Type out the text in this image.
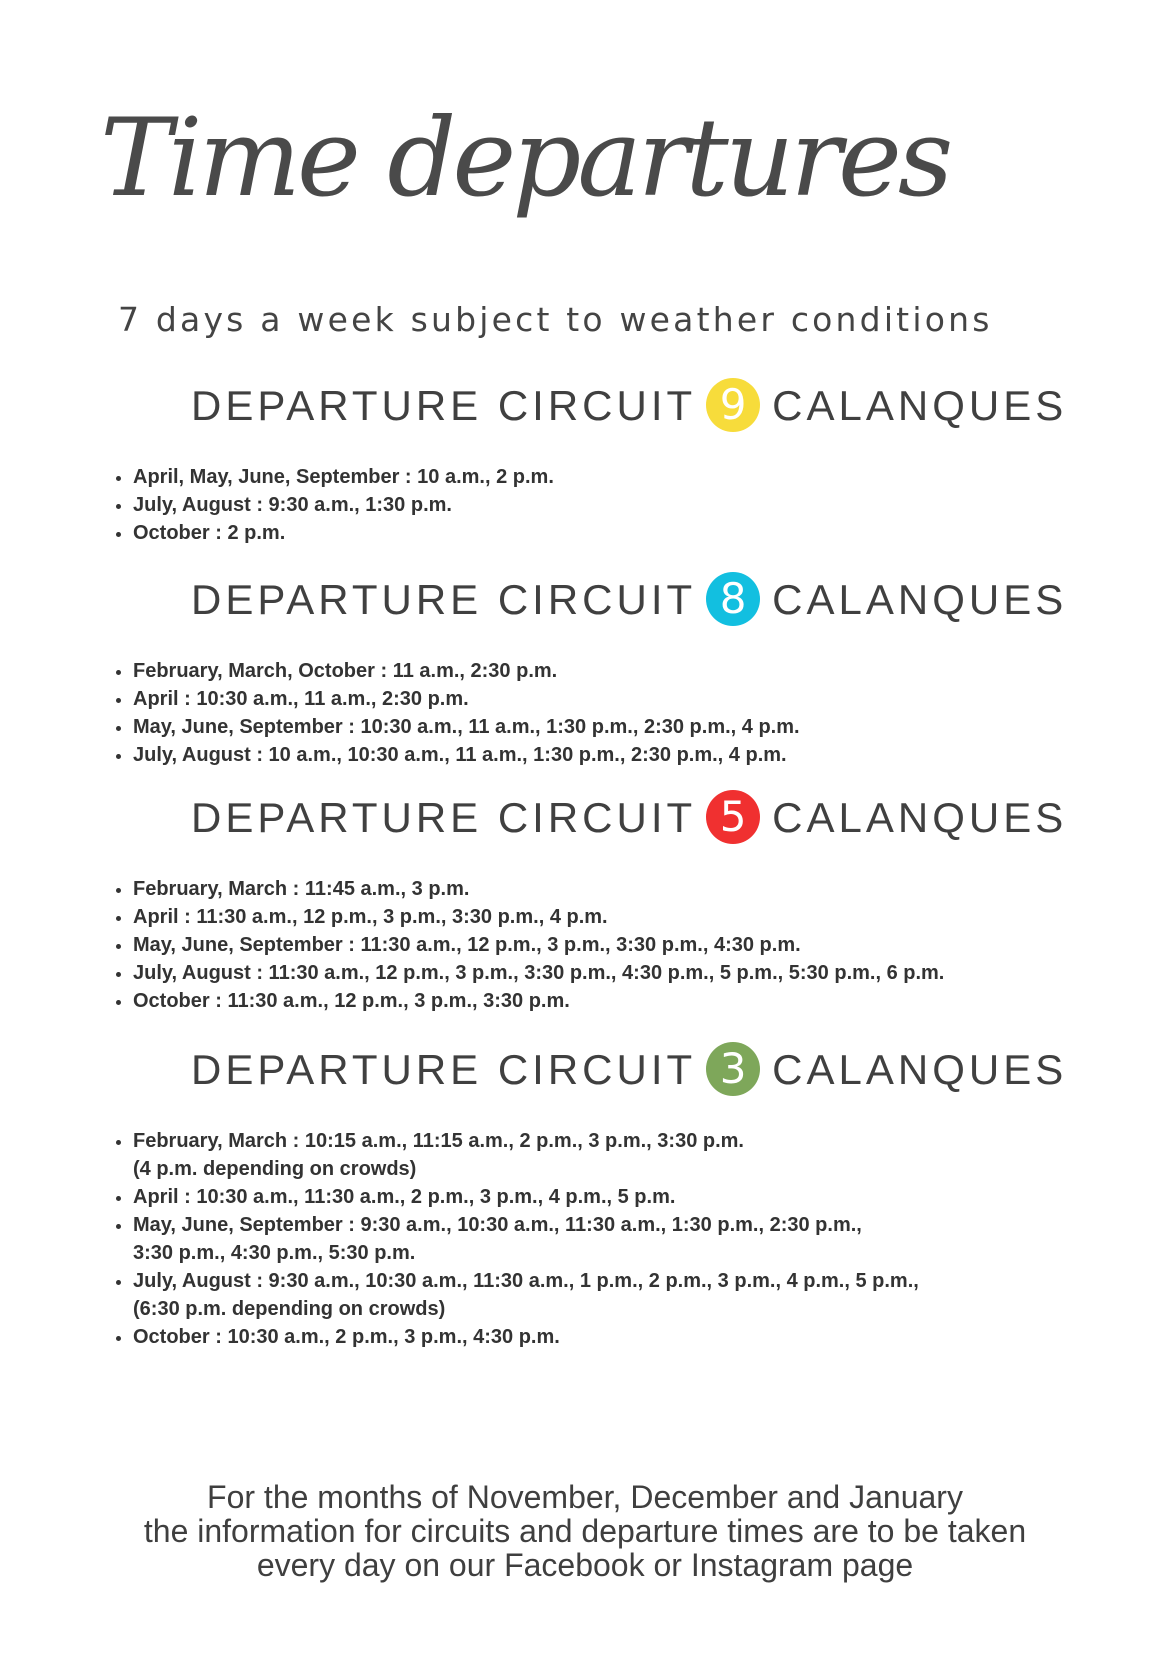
Time departures
7 days a week subject to weather conditions
DEPARTURE CIRCUIT 9 CALANQUES
• April, May, June, September : 10 a.m., 2 p.m.
• July, August : 9:30 a.m., 1:30 p.m.
• October : 2 p.m.
DEPARTURE CIRCUIT 8 CALANQUES
• February, March, October : 11 a.m., 2:30 p.m.
• April : 10:30 a.m., 11 a.m., 2:30 p.m.
• May, June, September : 10:30 a.m., 11 a.m., 1:30 p.m., 2:30 p.m., 4 p.m.
• July, August : 10 a.m., 10:30 a.m., 11 a.m., 1:30 p.m., 2:30 p.m., 4 p.m.
DEPARTURE CIRCUIT 5 CALANQUES
• February, March : 11:45 a.m., 3 p.m.
• April : 11:30 a.m., 12 p.m., 3 p.m., 3:30 p.m., 4 p.m.
• May, June, September : 11:30 a.m., 12 p.m., 3 p.m., 3:30 p.m., 4:30 p.m.
• July, August : 11:30 a.m., 12 p.m., 3 p.m., 3:30 p.m., 4:30 p.m., 5 p.m., 5:30 p.m., 6 p.m.
• October : 11:30 a.m., 12 p.m., 3 p.m., 3:30 p.m.
DEPARTURE CIRCUIT 3 CALANQUES
• February, March : 10:15 a.m., 11:15 a.m., 2 p.m., 3 p.m., 3:30 p.m.
(4 p.m. depending on crowds)
• April : 10:30 a.m., 11:30 a.m., 2 p.m., 3 p.m., 4 p.m., 5 p.m.
• May, June, September : 9:30 a.m., 10:30 a.m., 11:30 a.m., 1:30 p.m., 2:30 p.m.,
3:30 p.m., 4:30 p.m., 5:30 p.m.
• July, August : 9:30 a.m., 10:30 a.m., 11:30 a.m., 1 p.m., 2 p.m., 3 p.m., 4 p.m., 5 p.m.,
(6:30 p.m. depending on crowds)
• October : 10:30 a.m., 2 p.m., 3 p.m., 4:30 p.m.
For the months of November, December and January
the information for circuits and departure times are to be taken
every day on our Facebook or Instagram page
